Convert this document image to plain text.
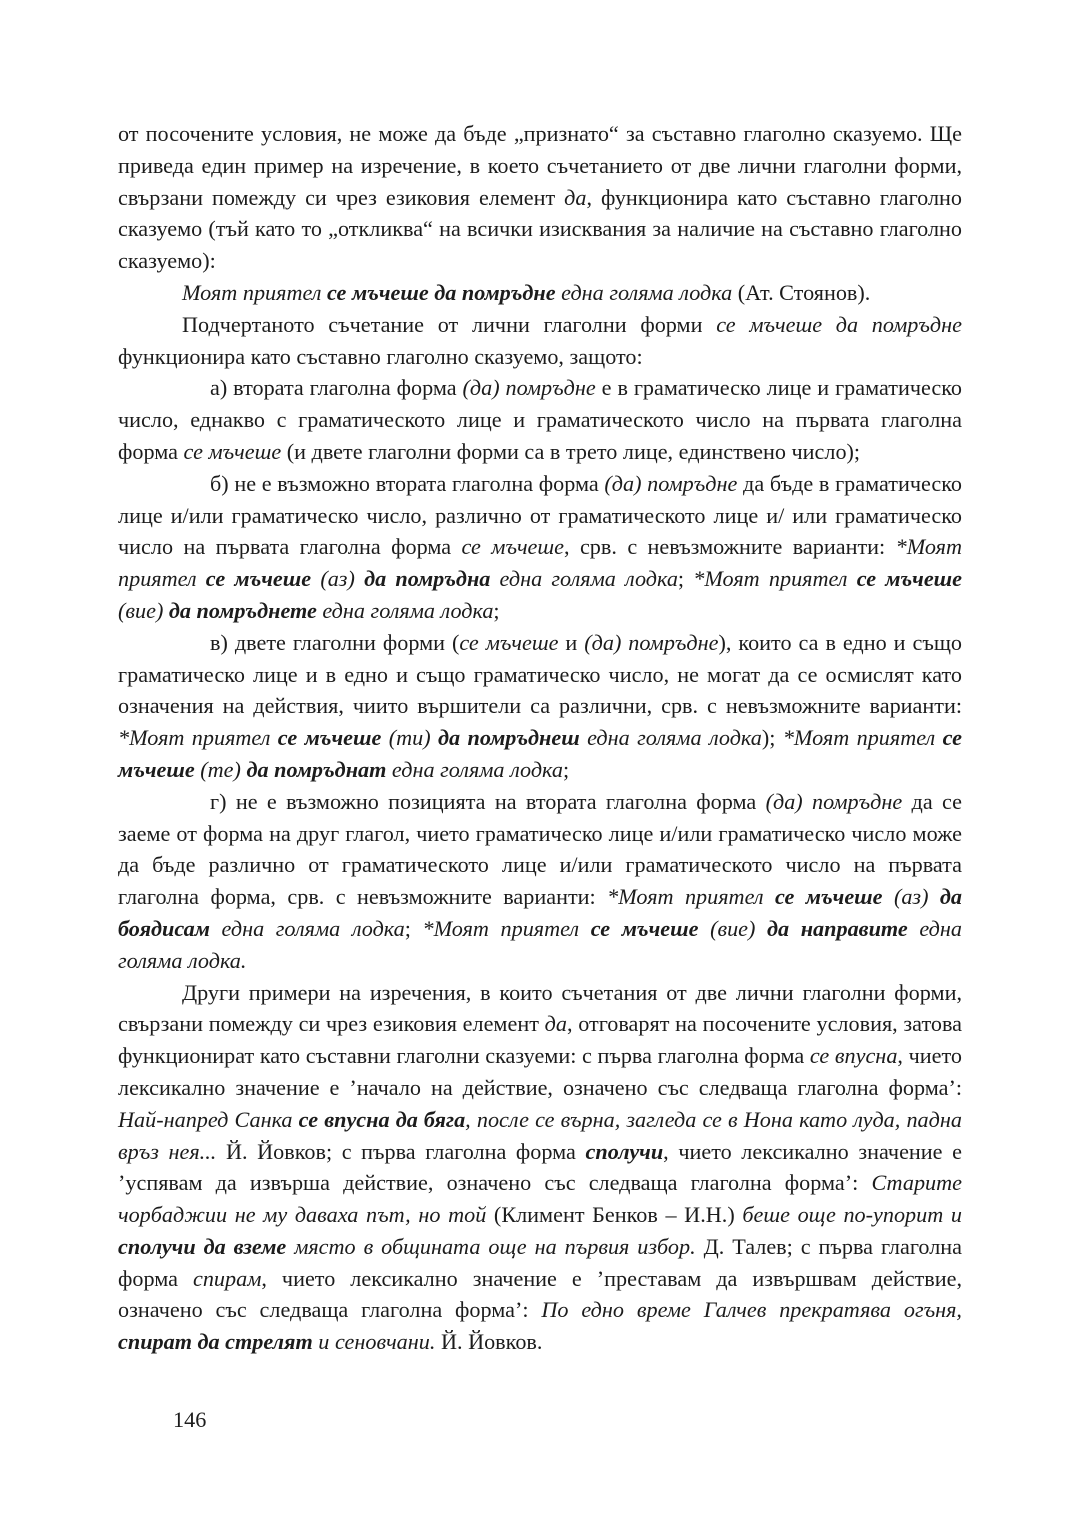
от посочените условия, не може да бъде „признато“ за съставно глаголно сказуемо. Ще приведа един пример на изречение, в което съчетанието от две лични глаголни форми, свързани помежду си чрез езиковия елемент да, функционира като съставно глаголно сказуемо (тъй като то „откликва“ на всички изисквания за наличие на съставно глаголно сказуемо):

Моят приятел се мъчеше да помръдне една голяма лодка (Ат. Стоянов).

Подчертаното съчетание от лични глаголни форми се мъчеше да помръдне функционира като съставно глаголно сказуемо, защото:

а) втората глаголна форма (да) помръдне е в граматическо лице и граматическо число, еднакво с граматическото лице и граматическото число на първата глаголна форма се мъчеше (и двете глаголни форми са в трето лице, единствено число);

б) не е възможно втората глаголна форма (да) помръдне да бъде в граматическо лице и/или граматическо число, различно от граматическото лице и/ или граматическо число на първата глаголна форма се мъчеше, срв. с невъзможните варианти: *Моят приятел се мъчеше (аз) да помръдна една голяма лодка; *Моят приятел се мъчеше (вие) да помръднете една голяма лодка;

в) двете глаголни форми (се мъчеше и (да) помръдне), които са в едно и също граматическо лице и в едно и също граматическо число, не могат да се осмислят като означения на действия, чиито вършители са различни, срв. с невъзможните варианти: *Моят приятел се мъчеше (ти) да помръднеш една голяма лодка); *Моят приятел се мъчеше (те) да помръднат една голяма лодка;

г) не е възможно позицията на втората глаголна форма (да) помръдне да се заеме от форма на друг глагол, чието граматическо лице и/или граматическо число може да бъде различно от граматическото лице и/или граматическото число на първата глаголна форма, срв. с невъзможните варианти: *Моят приятел се мъчеше (аз) да боядисам една голяма лодка; *Моят приятел се мъчеше (вие) да направите една голяма лодка.

Други примери на изречения, в които съчетания от две лични глаголни форми, свързани помежду си чрез езиковия елемент да, отговарят на посочените условия, затова функционират като съставни глаголни сказуеми: с първа глаголна форма се впусна, чието лексикално значение е ’начало на действие, означено със следваща глаголна форма’: Най-напред Санка се впусна да бяга, после се върна, загледа се в Нона като луда, падна връз нея... Й. Йовков; с първа глаголна форма сполучи, чието лексикално значение е ’успявам да извърша действие, означено със следваща глаголна форма’: Старите чорбаджии не му даваха път, но той (Климент Бенков – И.Н.) беше още по-упорит и сполучи да вземе място в общината още на първия избор. Д. Талев; с първа глаголна форма спирам, чието лексикално значение е ’преставам да извършвам действие, означено със следваща глаголна форма’: По едно време Галчев прекратява огъня, спират да стрелят и сеновчани. Й. Йовков.

146
